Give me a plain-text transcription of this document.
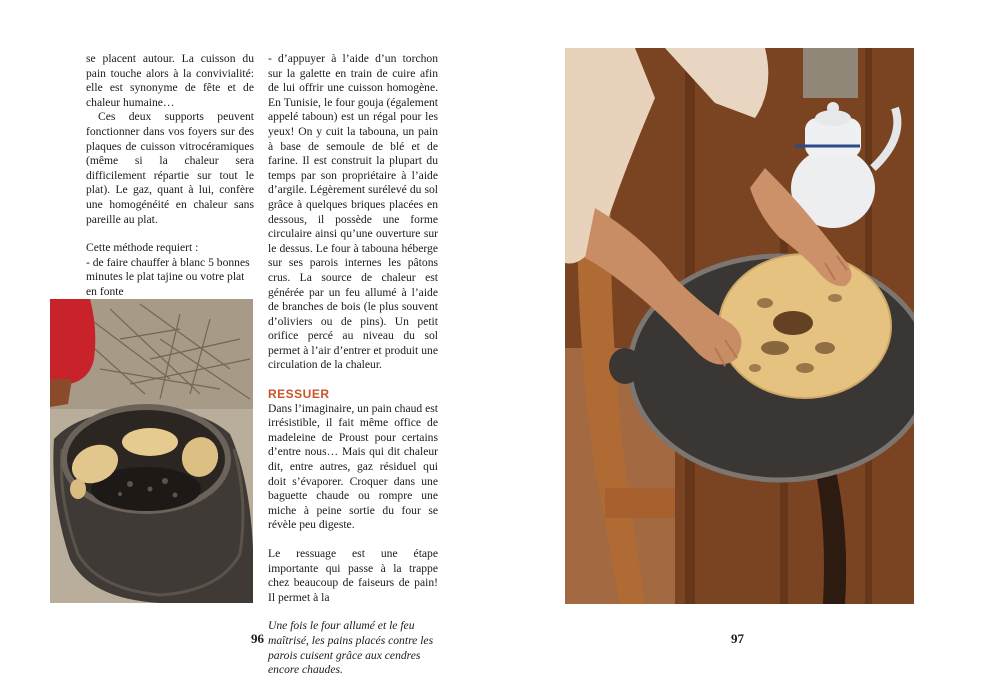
se placent autour. La cuisson du pain touche alors à la convivialité: elle est synonyme de fête et de chaleur humaine…

Ces deux supports peuvent fonctionner dans vos foyers sur des plaques de cuisson vitrocéramiques (même si la chaleur sera difficilement répartie sur tout le plat). Le gaz, quant à lui, confère une homogénéité en chaleur sans pareille au plat.

Cette méthode requiert :

- de faire chauffer à blanc 5 bonnes minutes le plat tajine ou votre plat en fonte

- d’appuyer à l’aide d’un torchon sur la galette en train de cuire afin de lui offrir une cuisson homogène. En Tunisie, le four gouja (également appelé taboun) est un régal pour les yeux! On y cuit la tabouna, un pain à base de semoule de blé et de farine. Il est construit la plupart du temps par son propriétaire à l’aide d’argile. Légèrement surélevé du sol grâce à quelques briques placées en dessous, il possède une forme circulaire ainsi qu’une ouverture sur le dessus. Le four à tabouna héberge sur ses parois internes les pâtons crus. La source de chaleur est générée par un feu allumé à l’aide de branches de bois (le plus souvent d’oliviers ou de pins). Un petit orifice percé au niveau du sol permet à l’air d’entrer et produit une circulation de la chaleur.

RESSUER

Dans l’imaginaire, un pain chaud est irrésistible, il fait même office de madeleine de Proust pour certains d’entre nous… Mais qui dit chaleur dit, entre autres, gaz résiduel qui doit s’évaporer. Croquer dans une baguette chaude ou rompre une miche à peine sortie du four se révèle peu digeste.

Le ressuage est une étape importante qui passe à la trappe chez beaucoup de faiseurs de pain! Il permet à la

Une fois le four allumé et le feu maîtrisé, les pains placés contre les parois cuisent grâce aux cendres encore chaudes.

96	97
